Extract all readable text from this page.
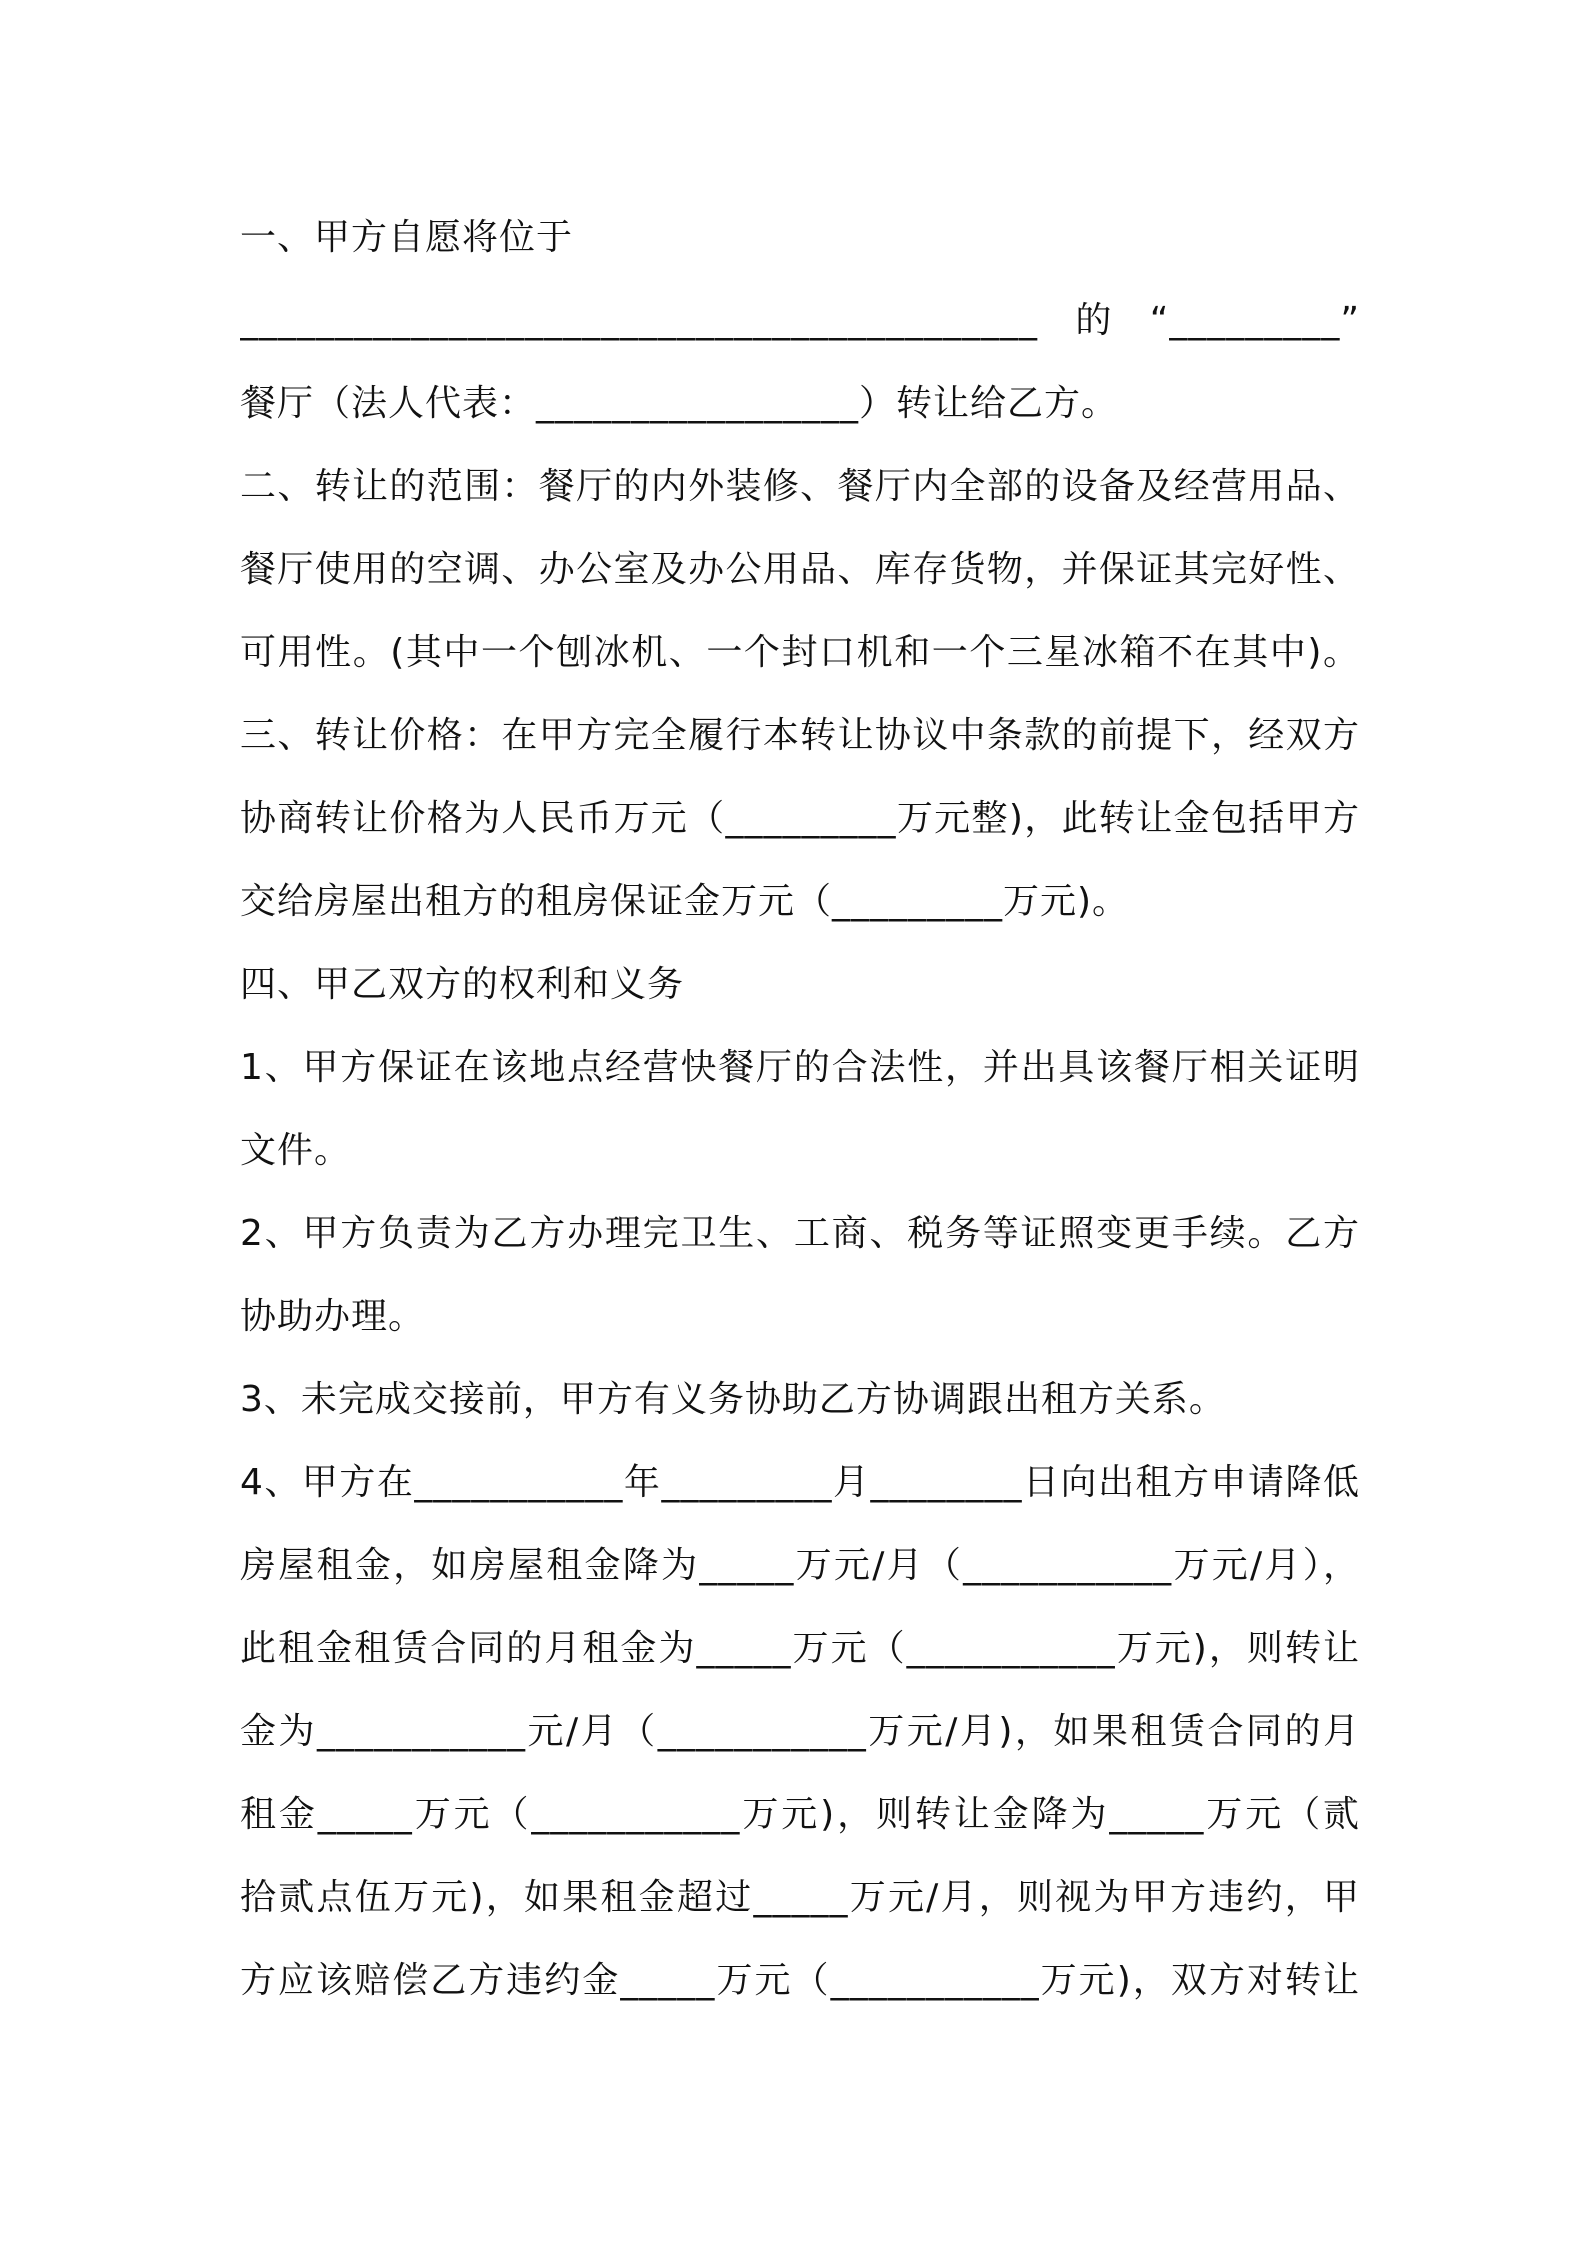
一、甲方自愿将位于
__________________________________________的“_________”
餐厅（法人代表：_________________）转让给乙方。
二、转让的范围：餐厅的内外装修、餐厅内全部的设备及经营用品、
餐厅使用的空调、办公室及办公用品、库存货物，并保证其完好性、
可用性。(其中一个刨冰机、一个封口机和一个三星冰箱不在其中)。
三、转让价格：在甲方完全履行本转让协议中条款的前提下，经双方
协商转让价格为人民币万元（_________万元整)，此转让金包括甲方
交给房屋出租方的租房保证金万元（_________万元)。
四、甲乙双方的权利和义务
1、甲方保证在该地点经营快餐厅的合法性，并出具该餐厅相关证明
文件。
2、甲方负责为乙方办理完卫生、工商、税务等证照变更手续。乙方
协助办理。
3、未完成交接前，甲方有义务协助乙方协调跟出租方关系。
4、甲方在___________年_________月________日向出租方申请降低
房屋租金，如房屋租金降为_____万元/月（___________万元/月），
此租金租赁合同的月租金为_____万元（___________万元)，则转让
金为___________元/月（___________万元/月)，如果租赁合同的月
租金_____万元（___________万元)，则转让金降为_____万元（贰
拾贰点伍万元)，如果租金超过_____万元/月，则视为甲方违约，甲
方应该赔偿乙方违约金_____万元（___________万元)，双方对转让
